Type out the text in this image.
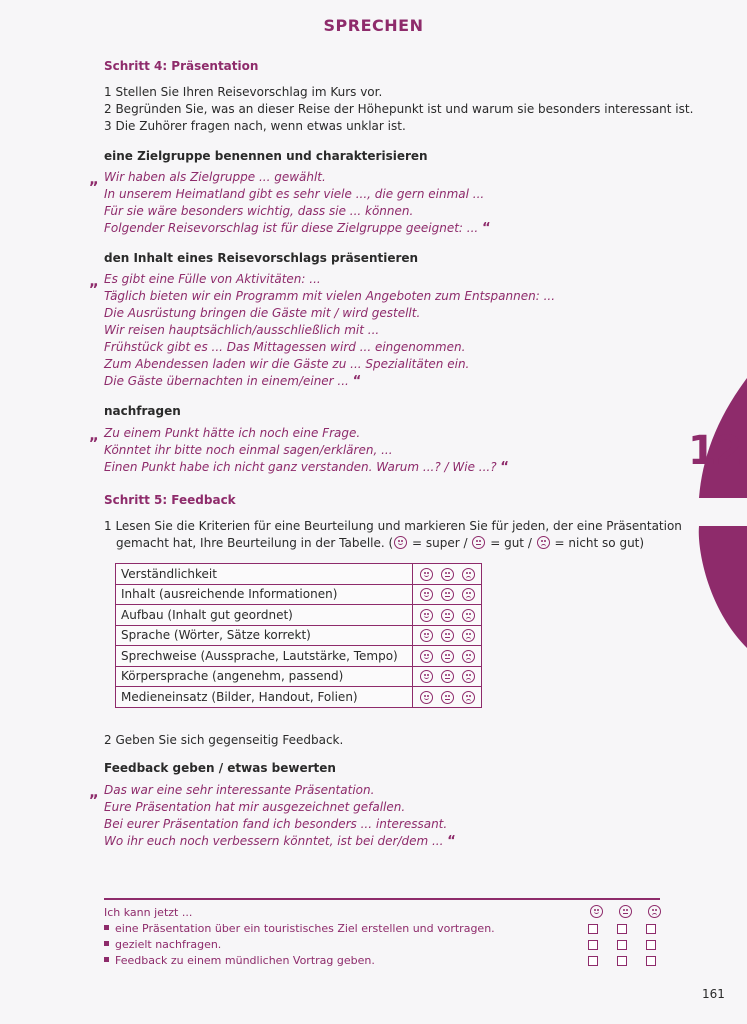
SPRECHEN
Schritt 4: Präsentation
1 Stellen Sie Ihren Reisevorschlag im Kurs vor.
2 Begründen Sie, was an dieser Reise der Höhepunkt ist und warum sie besonders interessant ist.
3 Die Zuhörer fragen nach, wenn etwas unklar ist.
eine Zielgruppe benennen und charakterisieren
„ Wir haben als Zielgruppe ... gewählt.
In unserem Heimatland gibt es sehr viele ..., die gern einmal ...
Für sie wäre besonders wichtig, dass sie ... können.
Folgender Reisevorschlag ist für diese Zielgruppe geeignet: ... “
den Inhalt eines Reisevorschlags präsentieren
„ Es gibt eine Fülle von Aktivitäten: ...
Täglich bieten wir ein Programm mit vielen Angeboten zum Entspannen: ...
Die Ausrüstung bringen die Gäste mit / wird gestellt.
Wir reisen hauptsächlich/ausschließlich mit ...
Frühstück gibt es ... Das Mittagessen wird ... eingenommen.
Zum Abendessen laden wir die Gäste zu ... Spezialitäten ein.
Die Gäste übernachten in einem/einer ... “
nachfragen
„ Zu einem Punkt hätte ich noch eine Frage.
Könntet ihr bitte noch einmal sagen/erklären, ...
Einen Punkt habe ich nicht ganz verstanden. Warum ...? / Wie ...? “
Schritt 5: Feedback
1 Lesen Sie die Kriterien für eine Beurteilung und markieren Sie für jeden, der eine Präsentation
gemacht hat, Ihre Beurteilung in der Tabelle. ( = super / = gut / = nicht so gut)
Verständlichkeit	

Inhalt (ausreichende Informationen)	

Aufbau (Inhalt gut geordnet)	

Sprache (Wörter, Sätze korrekt)	

Sprechweise (Aussprache, Lautstärke, Tempo)	

Körpersprache (angenehm, passend)	

Medieneinsatz (Bilder, Handout, Folien)	
2 Geben Sie sich gegenseitig Feedback.
Feedback geben / etwas bewerten
„ Das war eine sehr interessante Präsentation.
Eure Präsentation hat mir ausgezeichnet gefallen.
Bei eurer Präsentation fand ich besonders ... interessant.
Wo ihr euch noch verbessern könntet, ist bei der/dem ... “
12
Ich kann jetzt ...
eine Präsentation über ein touristisches Ziel erstellen und vortragen.
gezielt nachfragen.
Feedback zu einem mündlichen Vortrag geben.
161
